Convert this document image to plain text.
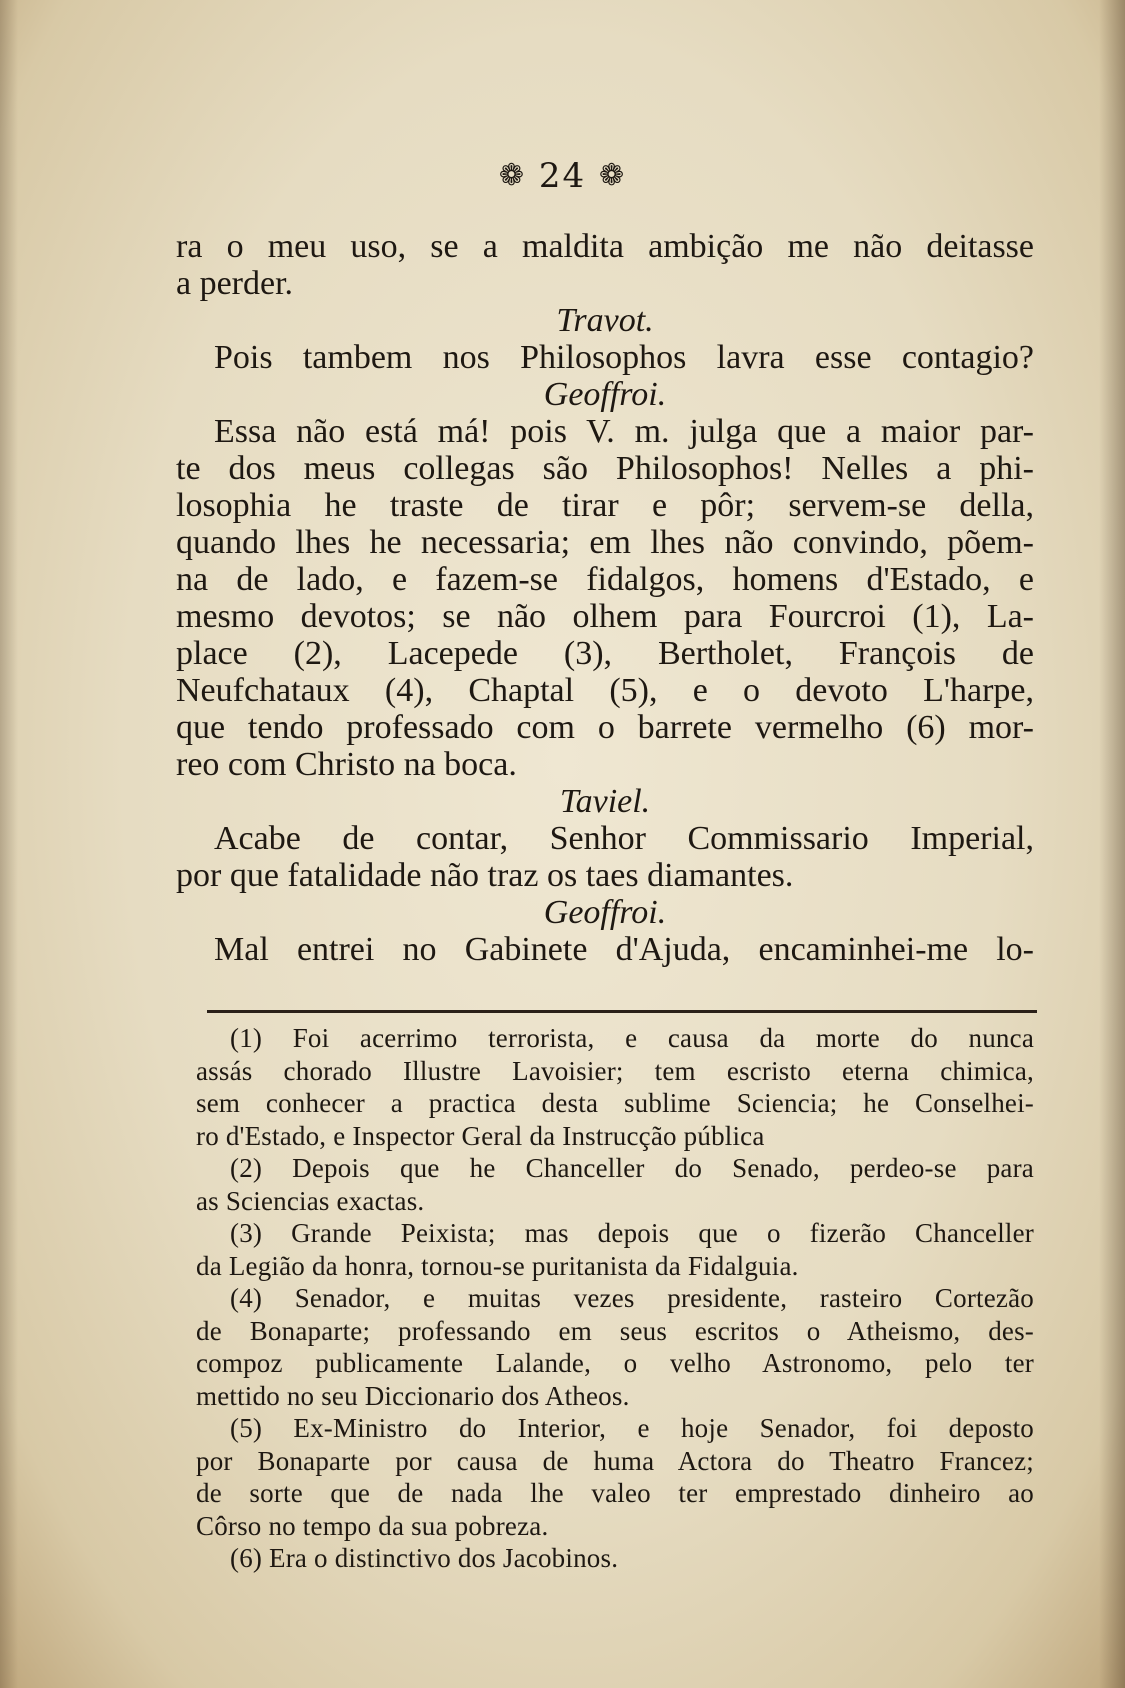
❁ 24 ❁
ra o meu uso, se a maldita ambição me não deitasse
a perder.
Travot.
Pois tambem nos Philosophos lavra esse contagio?
Geoffroi.
Essa não está má! pois V. m. julga que a maior par-
te dos meus collegas são Philosophos! Nelles a phi-
losophia he traste de tirar e pôr; servem-se della,
quando lhes he necessaria; em lhes não convindo, põem-
na de lado, e fazem-se fidalgos, homens d'Estado, e
mesmo devotos; se não olhem para Fourcroi (1), La-
place (2), Lacepede (3), Bertholet, François de
Neufchataux (4), Chaptal (5), e o devoto L'harpe,
que tendo professado com o barrete vermelho (6) mor-
reo com Christo na boca.
Taviel.
Acabe de contar, Senhor Commissario Imperial,
por que fatalidade não traz os taes diamantes.
Geoffroi.
Mal entrei no Gabinete d'Ajuda, encaminhei-me lo-
(1) Foi acerrimo terrorista, e causa da morte do nunca
assás chorado Illustre Lavoisier; tem escristo eterna chimica,
sem conhecer a practica desta sublime Sciencia; he Conselhei-
ro d'Estado, e Inspector Geral da Instrucção pública
(2) Depois que he Chanceller do Senado, perdeo-se para
as Sciencias exactas.
(3) Grande Peixista; mas depois que o fizerão Chanceller
da Legião da honra, tornou-se puritanista da Fidalguia.
(4) Senador, e muitas vezes presidente, rasteiro Cortezão
de Bonaparte; professando em seus escritos o Atheismo, des-
compoz publicamente Lalande, o velho Astronomo, pelo ter
mettido no seu Diccionario dos Atheos.
(5) Ex-Ministro do Interior, e hoje Senador, foi deposto
por Bonaparte por causa de huma Actora do Theatro Francez;
de sorte que de nada lhe valeo ter emprestado dinheiro ao
Côrso no tempo da sua pobreza.
(6) Era o distinctivo dos Jacobinos.
